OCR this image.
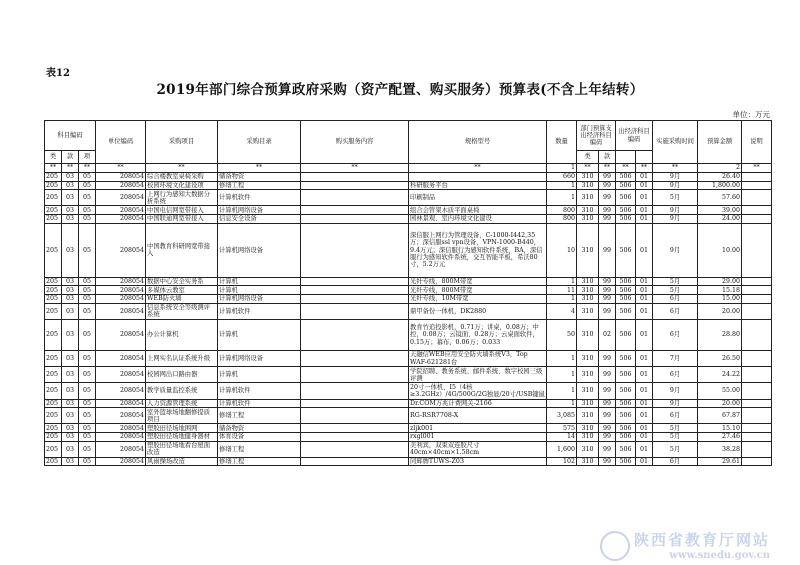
表12
2019年部门综合预算政府采购（资产配置、购买服务）预算表(不含上年结转）
单位：万元
科目编码			单位编码	采购项目	采购目录	购买服务内容	规格型号	数量	部门预算支出经济科目编码		出经济科目编码		实施采购时间	预算金额	说明
类	款	项							类	款					
**	**	**	**	**	**	**	**	1	**	**	**	**	**	2	**
205	03	05	208054	综合楼教室桌椅采购	储备物资			660	310	99	506	01	9月	26.40	
205	03	05	208054	校园环境文化建设项	修缮工程		科研服务平台	1	310	99	506	01	9月	1,800.00	
205	03	05	208054	上网行为感知大数据分析系统	计算机软件		印刷制品	1	310	99	506	01	5月	57.60	
205	03	05	208054	中国电信网宽带接入	计算机网络设备		组合会管架木质平面桌椅	800	310	99	506	01	9月	39.00	
205	03	05	208054	中国联通网宽带接入	信息安全设备		园林景观、室内环境文化建设	800	310	99	506	01	9月	24.00	
205	03	05	208054	中国教育科研网宽带接入	计算机网络设备		深信服上网行为管理设备，C-1000-I442,35万；深信服ssl vpn设备，VPN-1000-B440，9.4万元；深信服行为感知软件系统，BA，深信服行为感知软件系统，交互智能平板，希沃80寸，5.2万元	10	310	99	506	01	9月	10.00	
205	03	05	208054	数据中心安全实务系	计算机		光纤专线，800M带宽	1	310	99	506	01	5月	29.00	
205	03	05	208054	多媒体云教室	计算机		光纤专线，800M带宽	11	310	99	506	01	5月	15.18	
205	03	05	208054	WEB防火墙	计算机网络设备		光纤专线，10M带宽	1	310	99	506	01	6月	15.00	
205	03	05	208054	信息系统安全等级测评系统	计算机软件		鼎甲备份一体机，DK2880	4	310	99	506	01	6月	20.00	
205	03	05	208054	办公计算机	计算机		教育竹追投影机，0.71万；讲桌，0.08万；中控，0.08万；云镜面，0.28万；云桌面软件，0.15万；幕布，0.06万；0.033	50	310	02	506	01	6月	28.80	
205	03	05	208054	上网实名认证系统升级	计算机网络设备		天融信WEB应用安全防火墙系统V3，Top WAF-621281台	1	310	99	506	01	7月	26.50	
205	03	05	208054	校园网出口路由器	计算机		学院招聘、教务系统、邮件系统、数字校园三级评测	1	310	99	506	01	6月	24.22	
205	03	05	208054	教学质量监控系统	计算机软件		20寸一体机，I5（4核≥3.2GHz）/4G/500G/2G独显/20寸/USB键鼠	1	310	99	506	01	9月	55.00	
205	03	05	208054	人力资源管理系统	计算机软件		Dr.COM万兆计费网关-2166	1	310	99	506	01	9月	20.00	
205	03	05	208054	室外篮球场地翻修提质项目	修缮工程		RG-RSR7708-X	3,085	310	99	506	01	6月	67.87	
205	03	05	208054	塑胶田径场地围网	储备物资		zljk001	575	310	99	506	01	5月	15.10	
205	03	05	208054	塑胶田径场地健身器材	体育设备		rxgl001	14	310	99	506	01	5月	27.46	
205	03	05	208054	塑胶田径场地看台屋面改造	修缮工程		美利宾，双束双连胶尺寸40cm×40cm×1.58cm	1,600	310	99	506	01	5月	38.28	
205	03	05	208054	风雨操场改造	修缮工程		同辉牌TUWS-Z03	102	310	99	506	01	6月	29.61	
陕西省教育厅网站
www.snedu.gov.cn
